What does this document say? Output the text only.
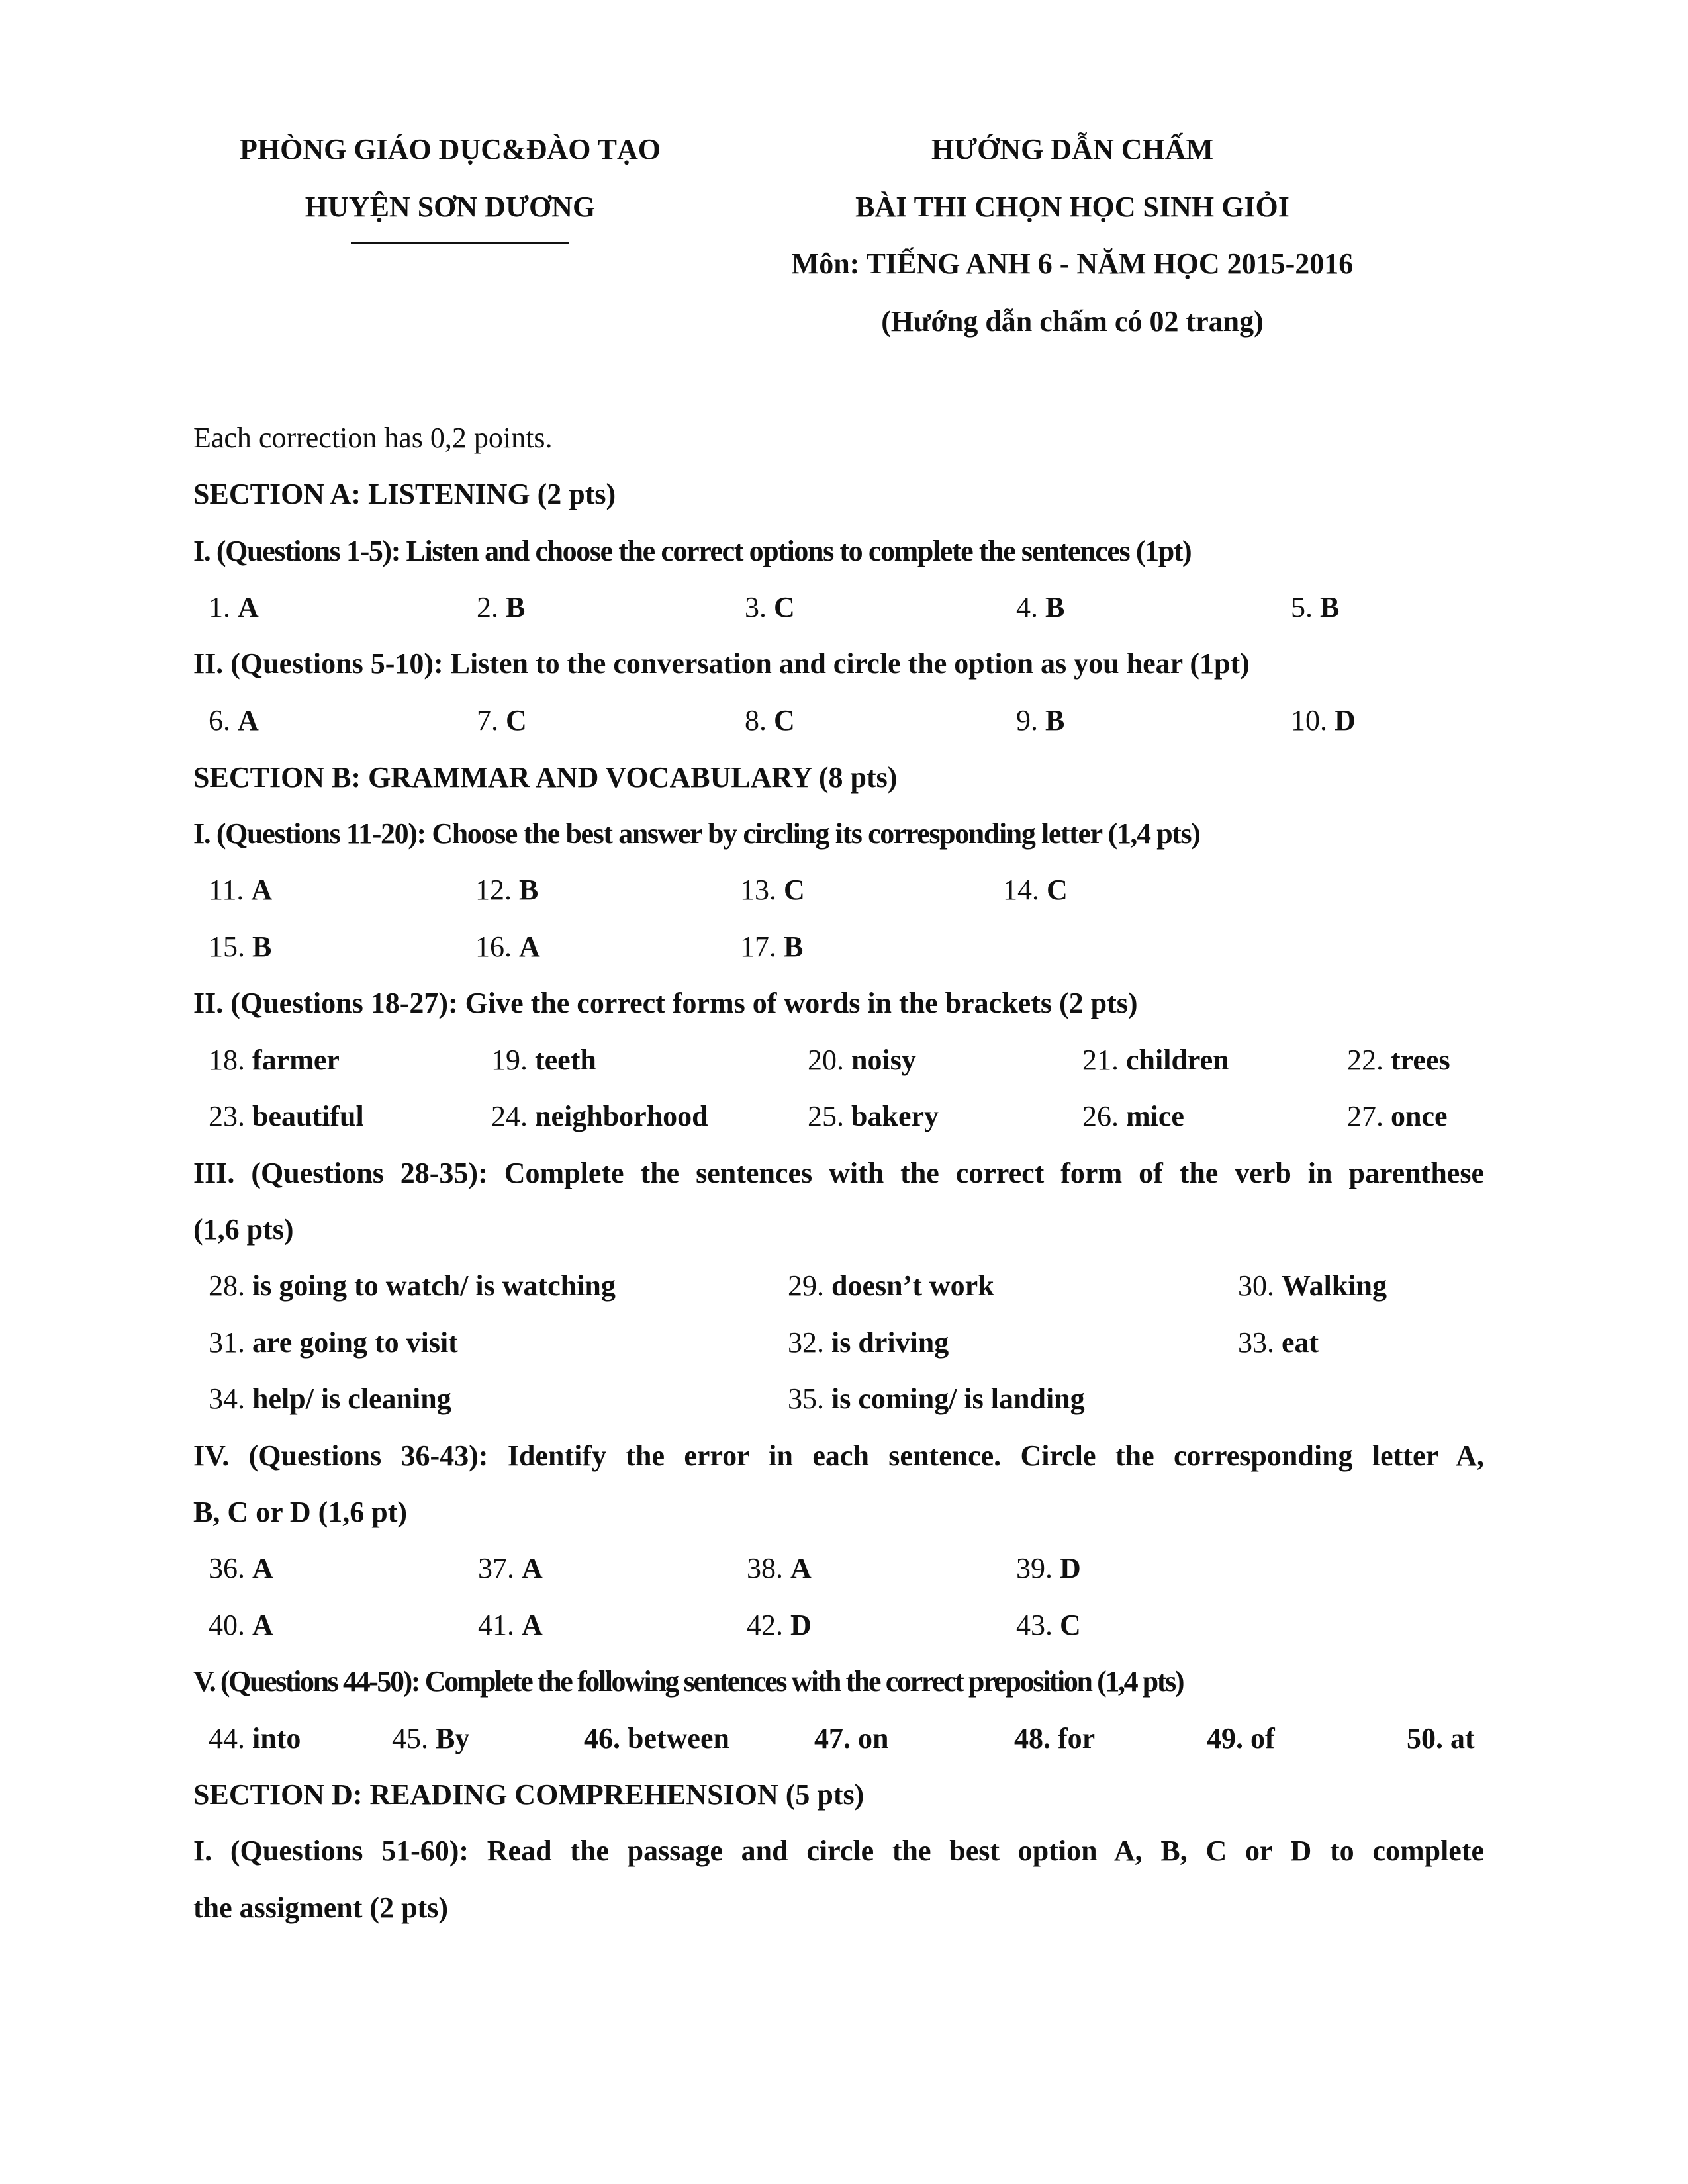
PHÒNG GIÁO DỤC&ĐÀO TẠO
HUYỆN SƠN DƯƠNG
HƯỚNG DẪN CHẤM
BÀI THI CHỌN HỌC SINH GIỎI
Môn: TIẾNG ANH 6 - NĂM HỌC 2015-2016
(Hướng dẫn chấm có 02 trang)
Each correction has 0,2 points.
SECTION A: LISTENING (2 pts)
I. (Questions 1-5): Listen and choose the correct options to complete the sentences (1pt)
1. A	2. B	3. C	4. B	5. B
II. (Questions 5-10): Listen to the conversation and circle the option as you hear (1pt)
6. A	7. C	8. C	9. B	10. D
SECTION B: GRAMMAR AND VOCABULARY (8 pts)
I. (Questions 11-20): Choose the best answer by circling its corresponding letter (1,4 pts)
11. A	12. B	13. C	14. C
15. B	16. A	17. B
II. (Questions 18-27): Give the correct forms of words in the brackets (2 pts)
18. farmer	19. teeth	20. noisy	21. children	22. trees
23. beautiful	24. neighborhood	25. bakery	26. mice	27. once
III. (Questions 28-35): Complete the sentences with the correct form of the verb in parenthese
(1,6 pts)
28. is going to watch/ is watching	29. doesn’t work	30. Walking
31. are going to visit	32. is driving	33. eat
34. help/ is cleaning	35. is coming/ is landing
IV. (Questions 36-43): Identify the error in each sentence. Circle the corresponding letter A,
B, C or D (1,6 pt)
36. A	37. A	38. A	39. D
40. A	41. A	42. D	43. C
V. (Questions 44-50): Complete the following sentences with the correct preposition (1,4 pts)
44. into	45. By	46. between	47. on	48. for	49. of	50. at
SECTION D: READING COMPREHENSION (5 pts)
I. (Questions 51-60): Read the passage and circle the best option A, B, C or D to complete
the assigment (2 pts)
